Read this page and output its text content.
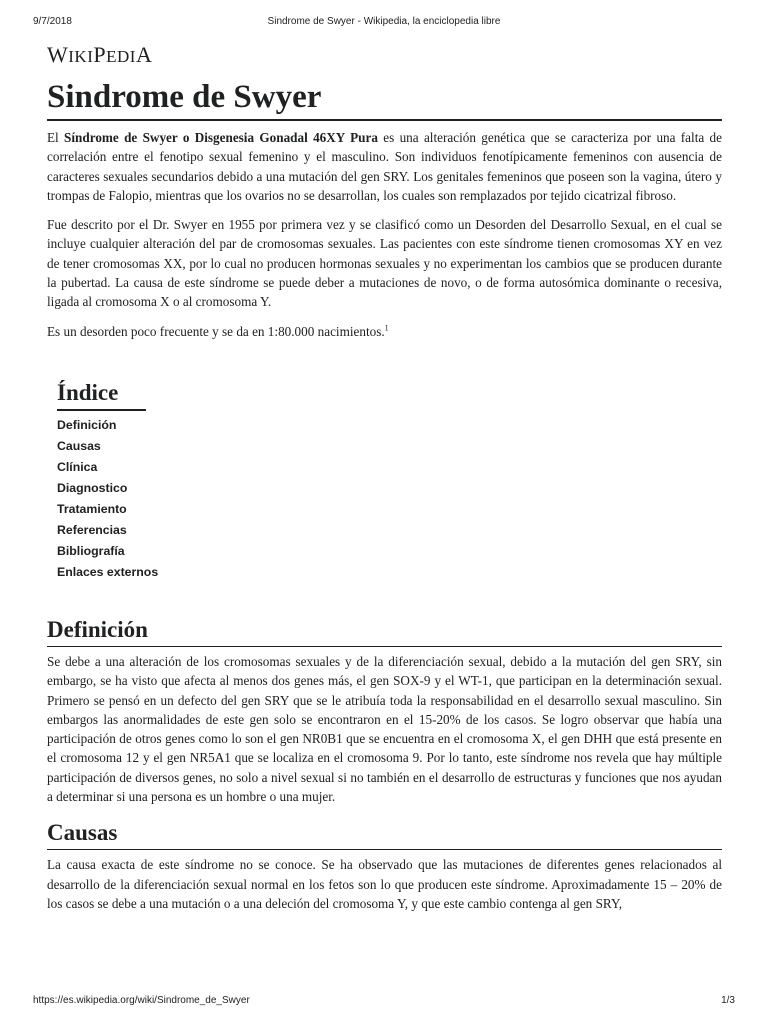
9/7/2018	Sindrome de Swyer - Wikipedia, la enciclopedia libre
WIKIPEDIA
Sindrome de Swyer

El Síndrome de Swyer o Disgenesia Gonadal 46XY Pura es una alteración genética que se caracteriza por una falta de correlación entre el fenotipo sexual femenino y el masculino. Son individuos fenotípicamente femeninos con ausencia de caracteres sexuales secundarios debido a una mutación del gen SRY. Los genitales femeninos que poseen son la vagina, útero y trompas de Falopio, mientras que los ovarios no se desarrollan, los cuales son remplazados por tejido cicatrizal fibroso.

Fue descrito por el Dr. Swyer en 1955 por primera vez y se clasificó como un Desorden del Desarrollo Sexual, en el cual se incluye cualquier alteración del par de cromosomas sexuales. Las pacientes con este síndrome tienen cromosomas XY en vez de tener cromosomas XX, por lo cual no producen hormonas sexuales y no experimentan los cambios que se producen durante la pubertad. La causa de este síndrome se puede deber a mutaciones de novo, o de forma autosómica dominante o recesiva, ligada al cromosoma X o al cromosoma Y.

Es un desorden poco frecuente y se da en 1:80.000 nacimientos.$^1$

Índice
Definición
Causas
Clínica
Diagnostico
Tratamiento
Referencias
Bibliografía
Enlaces externos
Definición

Se debe a una alteración de los cromosomas sexuales y de la diferenciación sexual, debido a la mutación del gen SRY, sin embargo, se ha visto que afecta al menos dos genes más, el gen SOX-9 y el WT-1, que participan en la determinación sexual. Primero se pensó en un defecto del gen SRY que se le atribuía toda la responsabilidad en el desarrollo sexual masculino. Sin embargos las anormalidades de este gen solo se encontraron en el 15-20% de los casos. Se logro observar que había una participación de otros genes como lo son el gen NR0B1 que se encuentra en el cromosoma X, el gen DHH que está presente en el cromosoma 12 y el gen NR5A1 que se localiza en el cromosoma 9. Por lo tanto, este síndrome nos revela que hay múltiple participación de diversos genes, no solo a nivel sexual si no también en el desarrollo de estructuras y funciones que nos ayudan a determinar si una persona es un hombre o una mujer.

Causas

La causa exacta de este síndrome no se conoce. Se ha observado que las mutaciones de diferentes genes relacionados al desarrollo de la diferenciación sexual normal en los fetos son lo que producen este síndrome. Aproximadamente 15 – 20% de los casos se debe a una mutación o a una deleción del cromosoma Y, y que este cambio contenga al gen SRY,

https://es.wikipedia.org/wiki/Sindrome_de_Swyer	1/3
